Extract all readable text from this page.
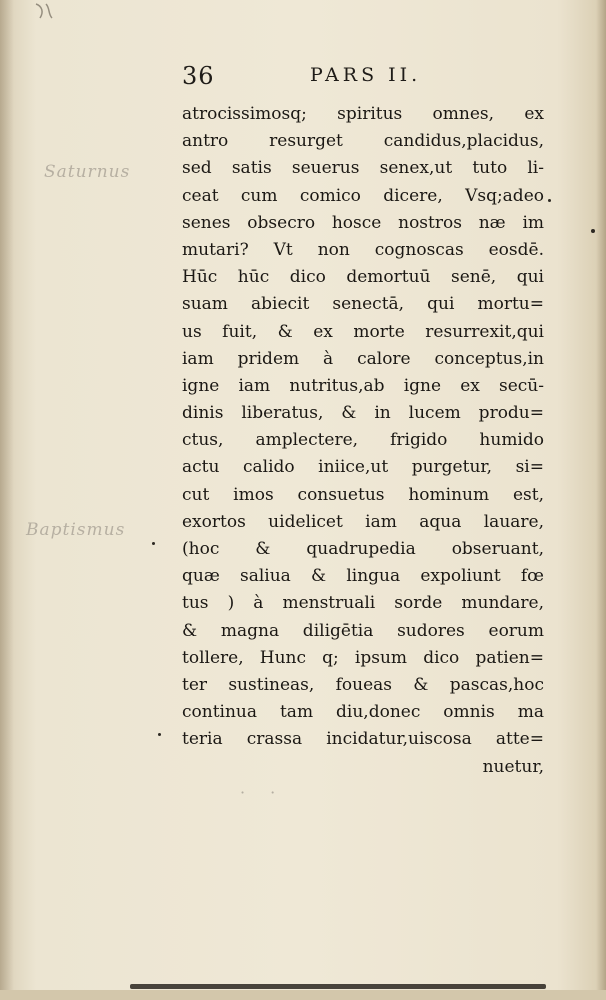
36	PARS II.
Saturnus
Baptismus
atrocissimosq; spiritus omnes, ex
antro resurget candidus,placidus,
sed satis seuerus senex,ut tuto li-
ceat cum comico dicere, Vsq;adeo
senes obsecro hosce nostros næ im
mutari? Vt non cognoscas eosdē.
Hūc hūc dico demortuū senē, qui
suam abiecit senectā, qui mortu=
us fuit, & ex morte resurrexit,qui
iam pridem à calore conceptus,in
igne iam nutritus,ab igne ex secū-
dinis liberatus, & in lucem produ=
ctus, amplectere, frigido humido
actu calido iniice,ut purgetur, si=
cut imos consuetus hominum est,
exortos uidelicet iam aqua lauare,
(hoc & quadrupedia obseruant,
quæ saliua & lingua expoliunt fœ
tus ) à menstruali sorde mundare,
& magna diligētia sudores eorum
tollere, Hunc q; ipsum dico patien=
ter sustineas, foueas & pascas,hoc
continua tam diu,donec omnis ma
teria crassa incidatur,uiscosa atte=
nuetur,
· ·
